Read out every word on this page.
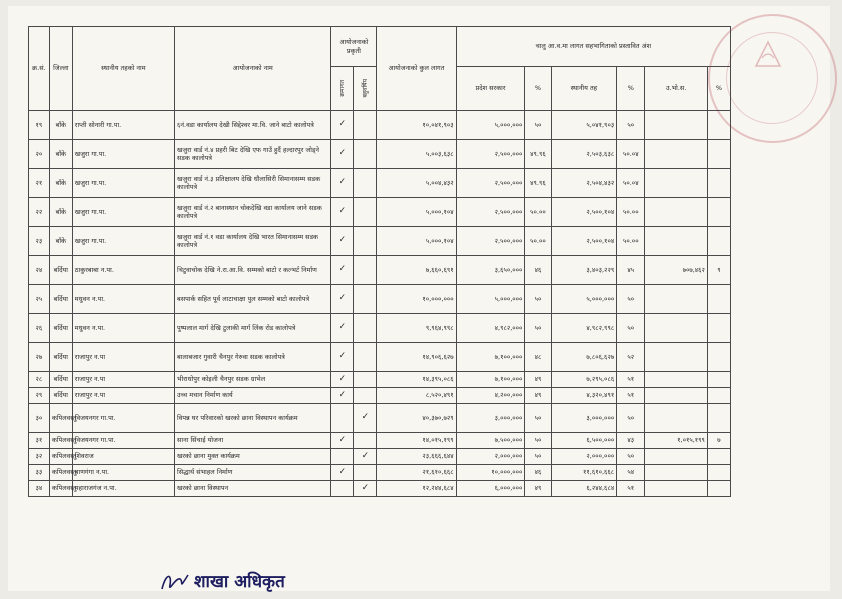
क्र.सं.	जिल्ला	स्थानीय तहको नाम	आयोजनाको नाम	आयोजनाको प्रकृती		आयोजनाको कुल लागत	चालु आ.व.मा लागत सहभागिताको प्रस्तावित अंश					

				क्रमागत	बहुवर्षिय		प्रदेश सरकार	%	स्थानीय तह	%	उ.भो.स.	%
१९	बाँके	राप्ती सोनारी गा.पा.	६नं.वडा कार्यालय देखी सिद्देश्वर मा.वि. जाने बाटो कालोपत्रे	✓		१०,०४१,९०३	५,०००,०००	५०	५,०४१,९०३	५०		
२०	बाँके	खजुरा गा.पा.	खजुरा वार्ड नं.४ प्रहरी बिट देखि एफ गाउँ हुदैं हल्दारपुर जोड्ने सडक कालोपत्रे	✓		५,००३,६३८	२,५००,०००	४९.९६	२,५०३,६३८	५०.०४		
२१	बाँके	खजुरा गा.पा.	खजुरा वार्ड नं.३ प्रतिक्षालय देखि धौलासिरी सिमानासम्म सडक कालोपत्रे	✓		५,००४,४३२	२,५००,०००	४९.९६	२,५०४,४३२	५०.०४		
२२	बाँके	खजुरा गा.पा.	खजुरा वार्ड नं.२ बानास्थान चोकदेखि वडा कार्यालय जाने सडक कालोपत्रे	✓		५,०००,१०४	२,५००,०००	५०.००	२,५००,१०४	५०.००		
२३	बाँके	खजुरा गा.पा.	खजुरा वार्ड नं.१ वडा कार्यालय देखि भारत सिमानासम्म सडक कालोपत्रे	✓		५,०००,१०४	२,५००,०००	५०.००	२,५००,१०४	५०.००		
२४	बर्दिया	ठाकुरबाबा न.पा.	चिटुवाचोक देखि ने.रा.आ.वि. सम्मको बाटो र कल्भर्ट निर्माण	✓		७,६६०,६९१	३,६५०,०००	४६	३,४०३,२२९	४५	७०७,४६२	९
२५	बर्दिया	मधुवन न.पा.	बसपार्क सहित पूर्व लाटाचाक्षा पुल सम्मको बाटो कालोपत्रे	✓		१०,०००,०००	५,०००,०००	५०	५,०००,०००	५०		
२६	बर्दिया	मधुवन न.पा.	पुष्पलाल मार्ग देखि टुलाकी मार्ग लिंक रोड कालोपत्रे	✓		९,९६४,९९८	४,९८२,०००	५०	४,९८२,९९८	५०		
२७	बर्दिया	राजापुर न.पा	बालाबजार गुवारी चैनपुर गेरुवा सडक कालोपत्रे	✓		१४,९०६,६२७	७,१००,०००	४८	७,८०६,६२७	५२		
२८	बर्दिया	राजापुर न.पा	भीराधोपुर कोइली चैनपुर सडक ग्राभेल	✓		१४,३९५,०८६	७,१००,०००	४९	७,२९५,०८६	५१		
२९	बर्दिया	राजापुर न.पा	उच्च मचान निर्माण कार्य	✓		८,५२०,४९१	४,२००,०००	४९	४,३२०,४९१	५१		
३०	कपिलवस्तु	विजयनगर गा.पा.	विपन्न घर परिवारको खरको छाना विस्थापन कार्यक्रम		✓	४०,३७०,७२९	३,०००,०००	५०	३,०००,०००	५०		
३१	कपिलवस्तु	विजयनगर गा.पा.	साना सिंचाई योजना	✓		१४,०१५,१९९	७,५००,०००	५०	६,५००,०००	४३	१,०१५,१९९	७
३२	कपिलवस्तु	शिवराज	खरको छाना मुक्त कार्यक्रम		✓	२३,६६६,६४४	२,०००,०००	५०	२,०००,०००	५०		
३३	कपिलवस्तु	बाणगंगा न.पा.	सिद्धार्थ संभाहल निर्माण	✓		२१,६१०,६६८	१०,०००,०००	४६	११,६१०,६६८	५४		
३४	कपिलवस्तु	महाराजगंज न.पा.	खरको छाना विस्थापन		✓	१२,२४४,६८४	६,०००,०००	४९	६,२४४,६८४	५१		
शाखा अधिकृत
